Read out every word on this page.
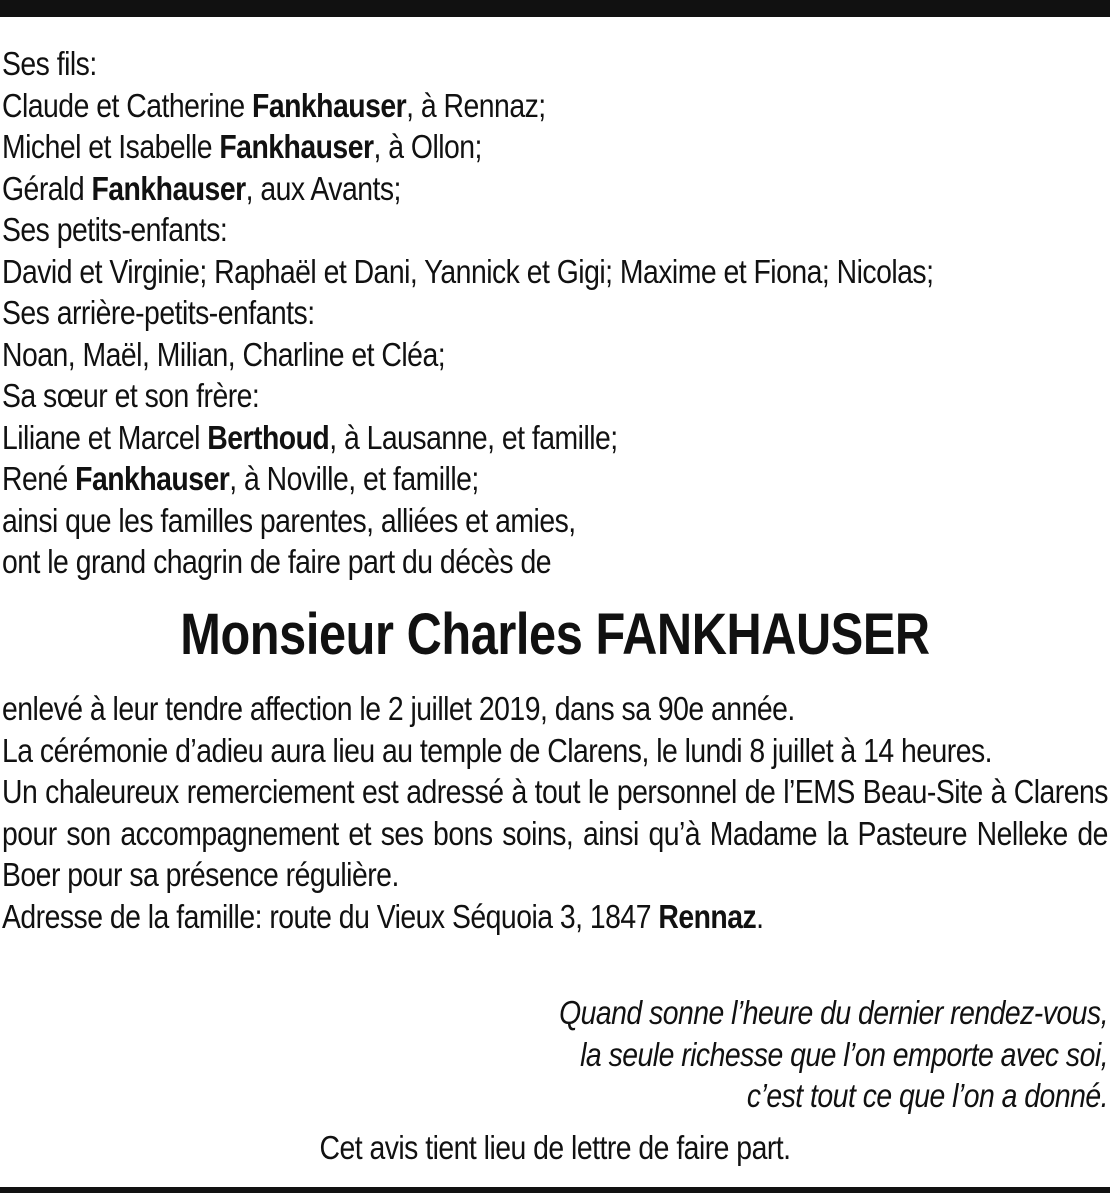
Ses fils:
Claude et Catherine Fankhauser, à Rennaz;
Michel et Isabelle Fankhauser, à Ollon;
Gérald Fankhauser, aux Avants;
Ses petits-enfants:
David et Virginie; Raphaël et Dani, Yannick et Gigi; Maxime et Fiona; Nicolas;
Ses arrière-petits-enfants:
Noan, Maël, Milian, Charline et Cléa;
Sa sœur et son frère:
Liliane et Marcel Berthoud, à Lausanne, et famille;
René Fankhauser, à Noville, et famille;
ainsi que les familles parentes, alliées et amies,
ont le grand chagrin de faire part du décès de
Monsieur Charles FANKHAUSER

enlevé à leur tendre affection le 2 juillet 2019, dans sa 90e année.

La cérémonie d’adieu aura lieu au temple de Clarens, le lundi 8 juillet à 14 heures.

Un chaleureux remerciement est adressé à tout le personnel de l’EMS Beau-Site à Clarens pour son accompagnement et ses bons soins, ainsi qu’à Madame la Pasteure Nelleke de Boer pour sa présence régulière.

Adresse de la famille: route du Vieux Séquoia 3, 1847 Rennaz.

Quand sonne l’heure du dernier rendez-vous,
la seule richesse que l’on emporte avec soi,
c’est tout ce que l’on a donné.
Cet avis tient lieu de lettre de faire part.
